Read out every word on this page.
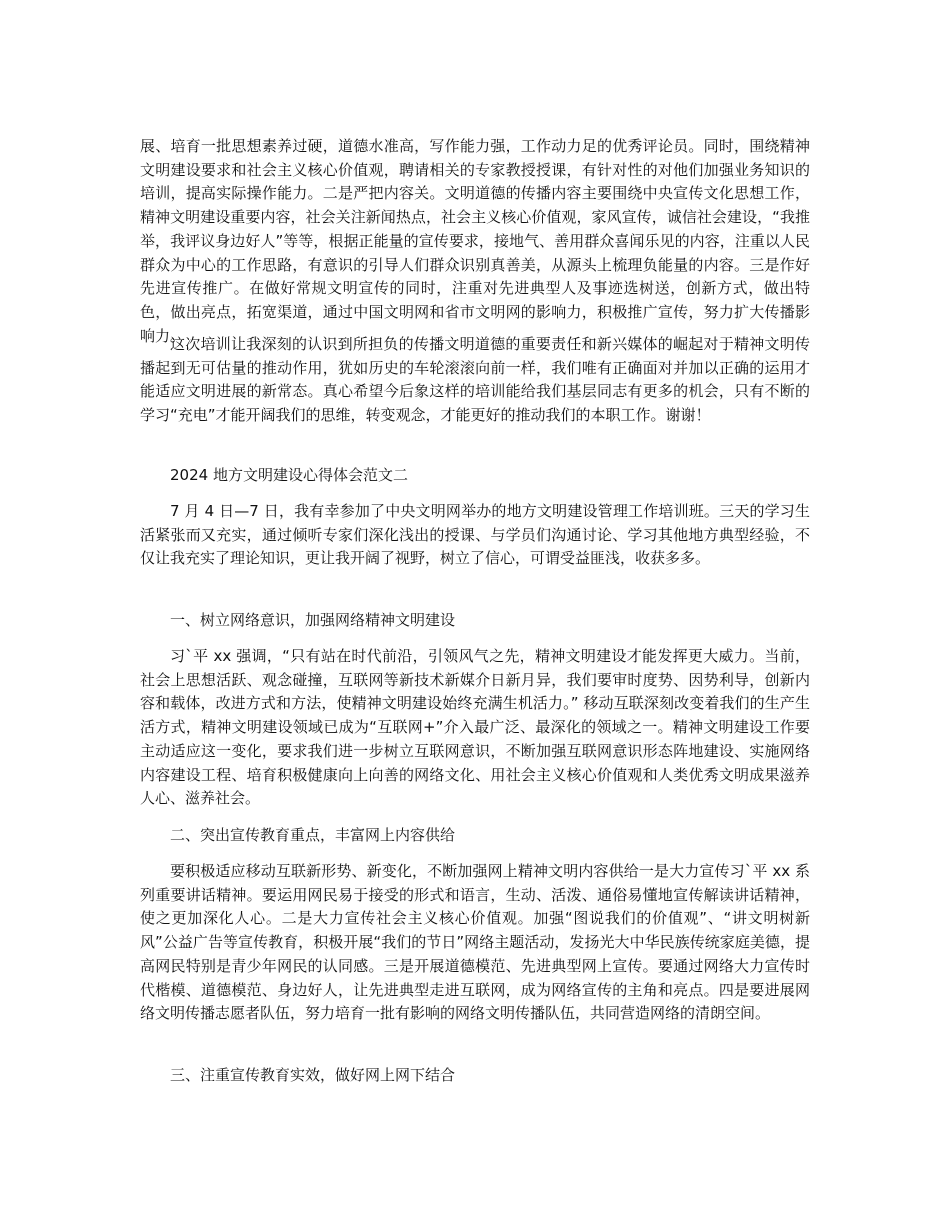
展、培育一批思想素养过硬，道德水准高，写作能力强，工作动力足的优秀评论员。同时，围绕精神文明建设要求和社会主义核心价值观，聘请相关的专家教授授课，有针对性的对他们加强业务知识的培训，提高实际操作能力。二是严把内容关。文明道德的传播内容主要围绕中央宣传文化思想工作，精神文明建设重要内容，社会关注新闻热点，社会主义核心价值观，家风宣传，诚信社会建设，“我推举，我评议身边好人”等等，根据正能量的宣传要求，接地气、善用群众喜闻乐见的内容，注重以人民群众为中心的工作思路，有意识的引导人们群众识别真善美，从源头上梳理负能量的内容。三是作好先进宣传推广。在做好常规文明宣传的同时，注重对先进典型人及事迹选树送，创新方式，做出特色，做出亮点，拓宽渠道，通过中国文明网和省市文明网的影响力，积极推广宣传，努力扩大传播影响力。

这次培训让我深刻的认识到所担负的传播文明道德的重要责任和新兴媒体的崛起对于精神文明传播起到无可估量的推动作用，犹如历史的车轮滚滚向前一样，我们唯有正确面对并加以正确的运用才能适应文明进展的新常态。真心希望今后象这样的培训能给我们基层同志有更多的机会，只有不断的学习“充电”才能开阔我们的思维，转变观念，才能更好的推动我们的本职工作。谢谢！

2024 地方文明建设心得体会范文二

7 月 4 日—7 日，我有幸参加了中央文明网举办的地方文明建设管理工作培训班。三天的学习生活紧张而又充实，通过倾听专家们深化浅出的授课、与学员们沟通讨论、学习其他地方典型经验，不仅让我充实了理论知识，更让我开阔了视野，树立了信心，可谓受益匪浅，收获多多。

一、树立网络意识，加强网络精神文明建设

习`平 xx 强调，“只有站在时代前沿，引领风气之先，精神文明建设才能发挥更大威力。当前，社会上思想活跃、观念碰撞，互联网等新技术新媒介日新月异，我们要审时度势、因势利导，创新内容和载体，改进方式和方法，使精神文明建设始终充满生机活力。” 移动互联深刻改变着我们的生产生活方式，精神文明建设领域已成为“互联网+”介入最广泛、最深化的领域之一。精神文明建设工作要主动适应这一变化，要求我们进一步树立互联网意识，不断加强互联网意识形态阵地建设、实施网络内容建设工程、培育积极健康向上向善的网络文化、用社会主义核心价值观和人类优秀文明成果滋养人心、滋养社会。

二、突出宣传教育重点，丰富网上内容供给

要积极适应移动互联新形势、新变化，不断加强网上精神文明内容供给一是大力宣传习`平 xx 系列重要讲话精神。要运用网民易于接受的形式和语言，生动、活泼、通俗易懂地宣传解读讲话精神，使之更加深化人心。二是大力宣传社会主义核心价值观。加强“图说我们的价值观”、“讲文明树新风”公益广告等宣传教育，积极开展“我们的节日”网络主题活动，发扬光大中华民族传统家庭美德，提高网民特别是青少年网民的认同感。三是开展道德模范、先进典型网上宣传。要通过网络大力宣传时代楷模、道德模范、身边好人，让先进典型走进互联网，成为网络宣传的主角和亮点。四是要进展网络文明传播志愿者队伍，努力培育一批有影响的网络文明传播队伍，共同营造网络的清朗空间。

三、注重宣传教育实效，做好网上网下结合
